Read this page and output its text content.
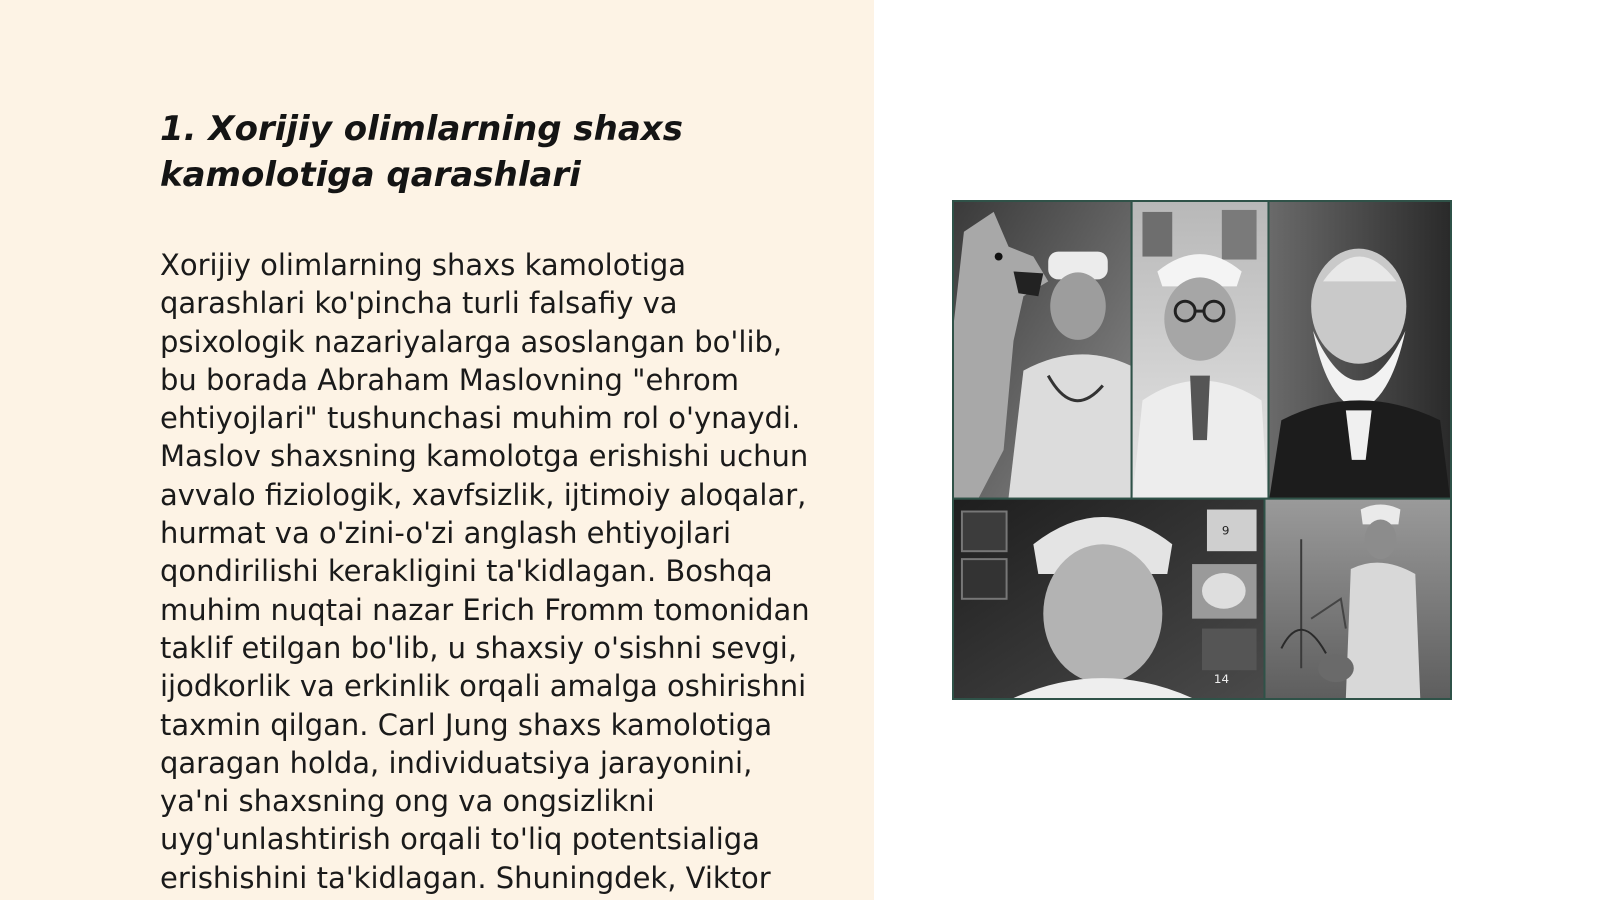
1. Xorijiy olimlarning shaxs
kamolotiga qarashlari

Xorijiy olimlarning shaxs kamolotiga
qarashlari ko'pincha turli falsafiy va
psixologik nazariyalarga asoslangan bo'lib,
bu borada Abraham Maslovning "ehrom
ehtiyojlari" tushunchasi muhim rol o'ynaydi.
Maslov shaxsning kamolotga erishishi uchun
avvalo fiziologik, xavfsizlik, ijtimoiy aloqalar,
hurmat va o'zini-o'zi anglash ehtiyojlari
qondirilishi kerakligini ta'kidlagan. Boshqa
muhim nuqtai nazar Erich Fromm tomonidan
taklif etilgan bo'lib, u shaxsiy o'sishni sevgi,
ijodkorlik va erkinlik orqali amalga oshirishni
taxmin qilgan. Carl Jung shaxs kamolotiga
qaragan holda, individuatsiya jarayonini,
ya'ni shaxsning ong va ongsizlikni
uyg'unlashtirish orqali to'liq potentsialiga
erishishini ta'kidlagan. Shuningdek, Viktor

9
14
